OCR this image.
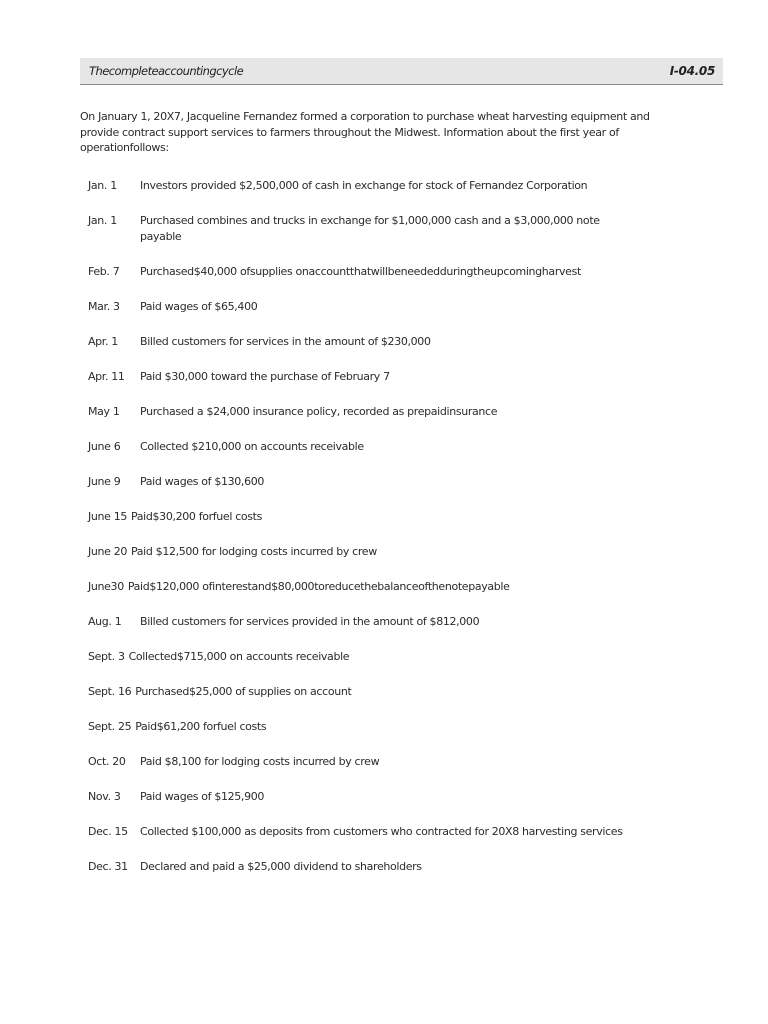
Thecompleteaccountingcycle	I-04.05

On January 1, 20X7, Jacqueline Fernandez formed a corporation to purchase wheat harvesting equipment and provide contract support services to farmers throughout the Midwest. Information about the first year of operationfollows:

Jan. 1	Investors provided $2,500,000 of cash in exchange for stock of Fernandez Corporation
Jan. 1	Purchased combines and trucks in exchange for $1,000,000 cash and a $3,000,000 note payable
Feb. 7	Purchased$40,000 ofsupplies onaccountthatwillbeneededduringtheupcomingharvest
Mar. 3	Paid wages of $65,400
Apr. 1	Billed customers for services in the amount of $230,000
Apr. 11	Paid $30,000 toward the purchase of February 7
May 1	Purchased a $24,000 insurance policy, recorded as prepaidinsurance
June 6	Collected $210,000 on accounts receivable
June 9	Paid wages of $130,600
June 15 Paid$30,200 forfuel costs
June 20 Paid $12,500 for lodging costs incurred by crew
June30 Paid$120,000 ofinterestand$80,000toreducethebalanceofthenotepayable
Aug. 1	Billed customers for services provided in the amount of $812,000
Sept. 3 Collected$715,000 on accounts receivable
Sept. 16 Purchased$25,000 of supplies on account
Sept. 25 Paid$61,200 forfuel costs
Oct. 20	Paid $8,100 for lodging costs incurred by crew
Nov. 3	Paid wages of $125,900
Dec. 15	Collected $100,000 as deposits from customers who contracted for 20X8 harvesting services
Dec. 31	Declared and paid a $25,000 dividend to shareholders
